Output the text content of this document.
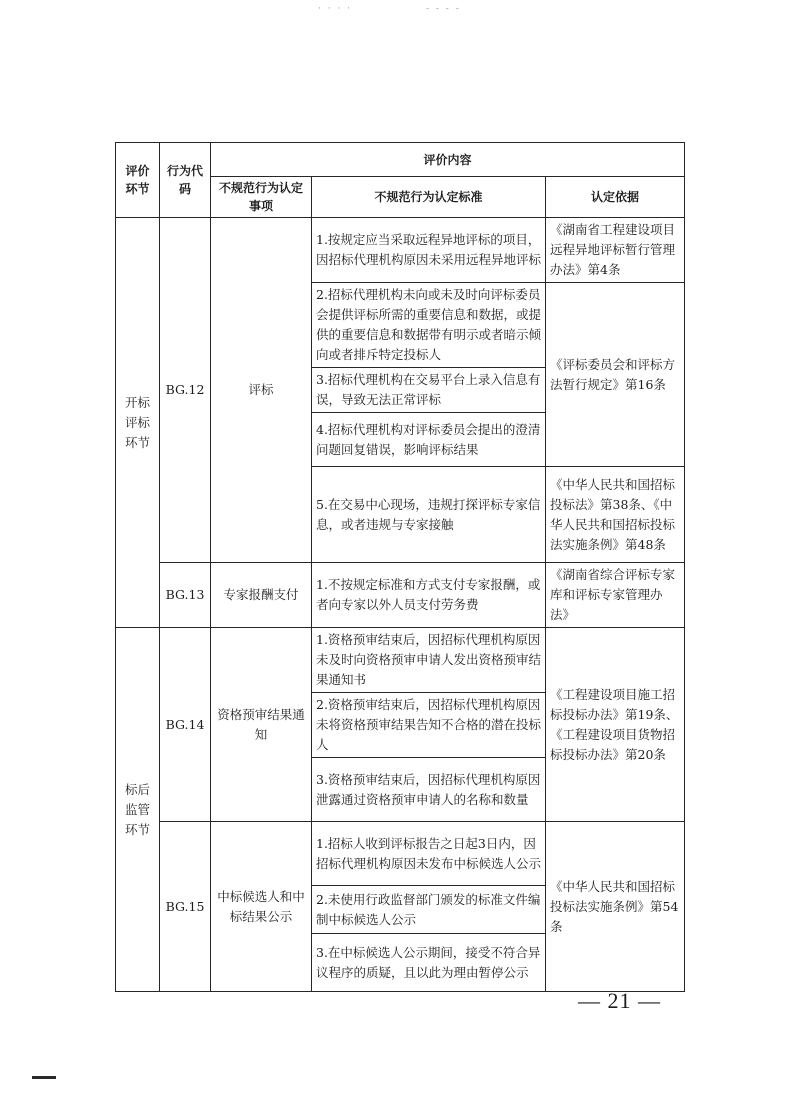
· · · ·	- - - -
评价环节	行为代码	评价内容		
		不规范行为认定事项	不规范行为认定标准	认定依据
开标评标环节	BG.12	评标	1.按规定应当采取远程异地评标的项目，因招标代理机构原因未采用远程异地评标	《湖南省工程建设项目远程异地评标暂行管理办法》第4条
			2.招标代理机构未向或未及时向评标委员会提供评标所需的重要信息和数据，或提供的重要信息和数据带有明示或者暗示倾向或者排斥特定投标人	《评标委员会和评标方法暂行规定》第16条
			3.招标代理机构在交易平台上录入信息有误，导致无法正常评标	
			4.招标代理机构对评标委员会提出的澄清问题回复错误，影响评标结果	
			5.在交易中心现场，违规打探评标专家信息，或者违规与专家接触	《中华人民共和国招标投标法》第38条、《中华人民共和国招标投标法实施条例》第48条
	BG.13	专家报酬支付	1.不按规定标准和方式支付专家报酬，或者向专家以外人员支付劳务费	《湖南省综合评标专家库和评标专家管理办法》
标后监管环节	BG.14	资格预审结果通知	1.资格预审结束后，因招标代理机构原因未及时向资格预审申请人发出资格预审结果通知书	《工程建设项目施工招标投标办法》第19条、《工程建设项目货物招标投标办法》第20条
			2.资格预审结束后，因招标代理机构原因未将资格预审结果告知不合格的潜在投标人	
			3.资格预审结束后，因招标代理机构原因泄露通过资格预审申请人的名称和数量	
	BG.15	中标候选人和中标结果公示	1.招标人收到评标报告之日起3日内，因招标代理机构原因未发布中标候选人公示	《中华人民共和国招标投标法实施条例》第54条
			2.未使用行政监督部门颁发的标准文件编制中标候选人公示	
			3.在中标候选人公示期间，接受不符合异议程序的质疑，且以此为理由暂停公示	
— 21 —
